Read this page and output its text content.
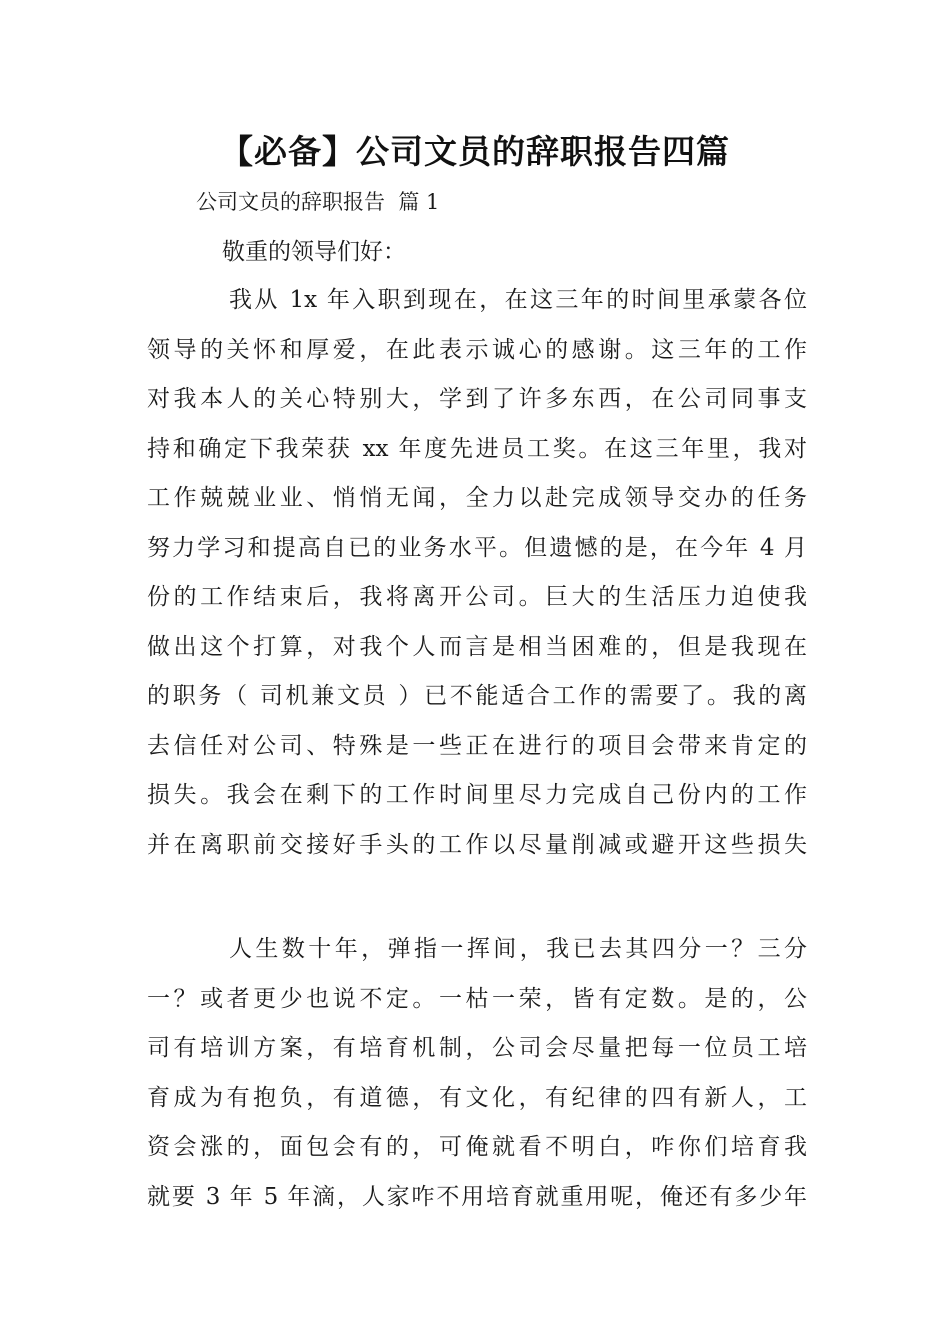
【必备】公司文员的辞职报告四篇
公司文员的辞职报告  篇 1
敬重的领导们好：
我从 1x 年入职到现在，在这三年的时间里承蒙各位
领导的关怀和厚爱，在此表示诚心的感谢。这三年的工作
对我本人的关心特别大，学到了许多东西，在公司同事支
持和确定下我荣获 xx 年度先进员工奖。在这三年里，我对
工作兢兢业业、悄悄无闻，全力以赴完成领导交办的任务
努力学习和提高自已的业务水平。但遗憾的是，在今年 4 月
份的工作结束后，我将离开公司。巨大的生活压力迫使我
做出这个打算，对我个人而言是相当困难的，但是我现在
的职务（ 司机兼文员 ）已不能适合工作的需要了。我的离
去信任对公司、特殊是一些正在进行的项目会带来肯定的
损失。我会在剩下的工作时间里尽力完成自己份内的工作
并在离职前交接好手头的工作以尽量削减或避开这些损失
人生数十年，弹指一挥间，我已去其四分一？三分
一？或者更少也说不定。一枯一荣，皆有定数。是的，公
司有培训方案，有培育机制，公司会尽量把每一位员工培
育成为有抱负，有道德，有文化，有纪律的四有新人，工
资会涨的，面包会有的，可俺就看不明白，咋你们培育我
就要 3 年 5 年滴，人家咋不用培育就重用呢，俺还有多少年
